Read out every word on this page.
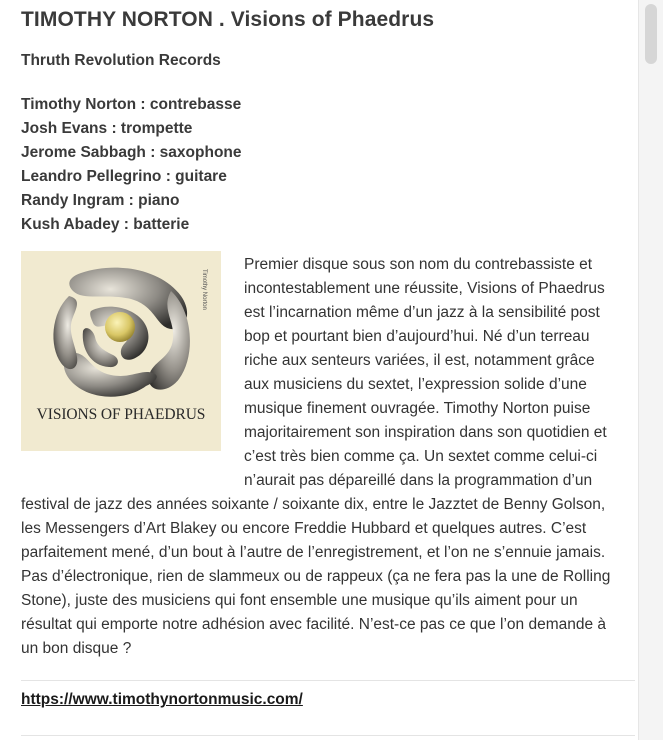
TIMOTHY NORTON . Visions of Phaedrus

Thruth Revolution Records

Timothy Norton : contrebasse
Josh Evans : trompette
Jerome Sabbagh : saxophone
Leandro Pellegrino : guitare
Randy Ingram : piano
Kush Abadey : batterie
VISIONS OF PHAEDRUS
Timothy Norton
Premier disque sous son nom du contrebassiste et
incontestablement une réussite, Visions of Phaedrus
est l’incarnation même d’un jazz à la sensibilité post
bop et pourtant bien d’aujourd’hui. Né d’un terreau
riche aux senteurs variées, il est, notamment grâce
aux musiciens du sextet, l’expression solide d’une
musique finement ouvragée. Timothy Norton puise
majoritairement son inspiration dans son quotidien et
c’est très bien comme ça. Un sextet comme celui-ci
n’aurait pas dépareillé dans la programmation d’un
festival de jazz des années soixante / soixante dix, entre le Jazztet de Benny Golson,
les Messengers d’Art Blakey ou encore Freddie Hubbard et quelques autres. C’est
parfaitement mené, d’un bout à l’autre de l’enregistrement, et l’on ne s’ennuie jamais.
Pas d’électronique, rien de slammeux ou de rappeux (ça ne fera pas la une de Rolling
Stone), juste des musiciens qui font ensemble une musique qu’ils aiment pour un
résultat qui emporte notre adhésion avec facilité. N’est-ce pas ce que l’on demande à
un bon disque ?
https://www.timothynortonmusic.com/
